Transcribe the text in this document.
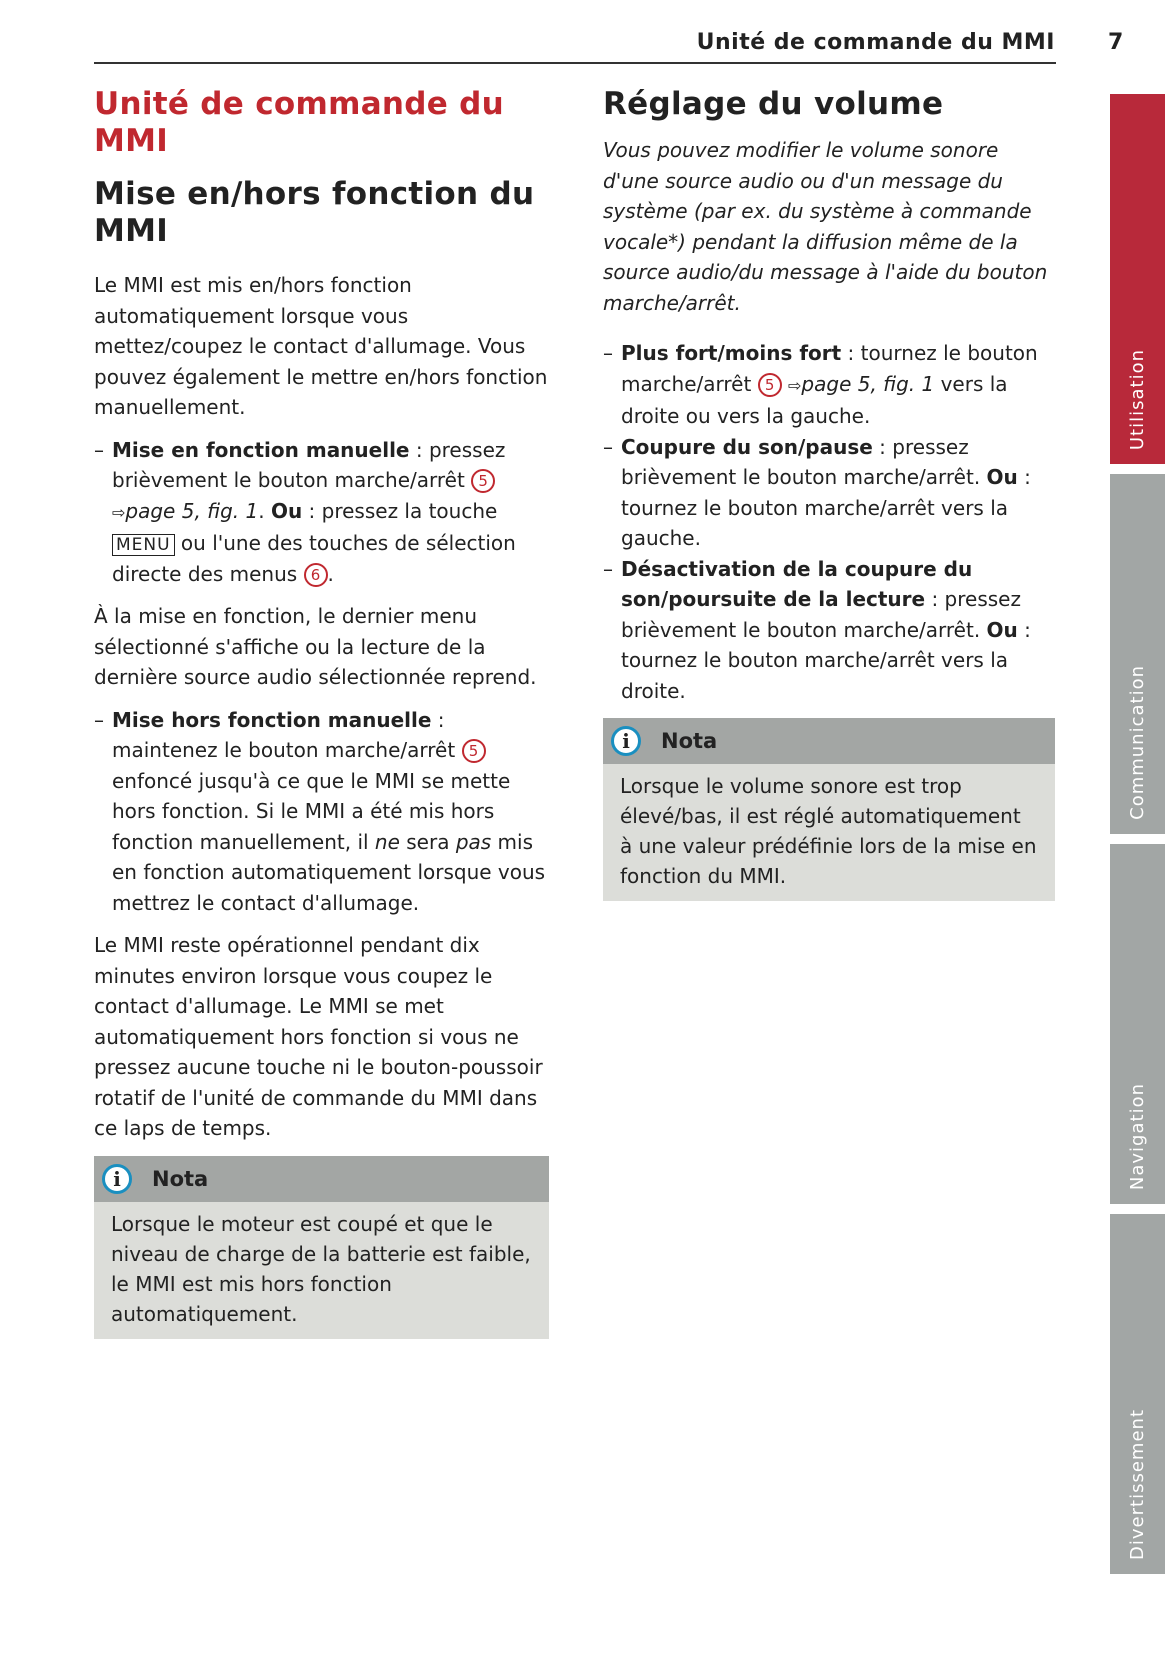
Unité de commande du MMI 7
Unité de commande du MMI
Mise en/hors fonction du MMI

Le MMI est mis en/hors fonction automatiquement lorsque vous mettez/coupez le contact d'allumage. Vous pouvez également le mettre en/hors fonction manuellement.

– Mise en fonction manuelle : pressez brièvement le bouton marche/arrêt 5 ⇨page 5, fig. 1. Ou : pressez la touche MENU ou l'une des touches de sélection directe des menus 6 .

À la mise en fonction, le dernier menu sélectionné s'affiche ou la lecture de la dernière source audio sélectionnée reprend.

– Mise hors fonction manuelle : maintenez le bouton marche/arrêt 5 enfoncé jusqu'à ce que le MMI se mette hors fonction. Si le MMI a été mis hors fonction manuellement, il ne sera pas mis en fonction automatiquement lorsque vous mettrez le contact d'allumage.

Le MMI reste opérationnel pendant dix minutes environ lorsque vous coupez le contact d'allumage. Le MMI se met automatiquement hors fonction si vous ne pressez aucune touche ni le bouton-poussoir rotatif de l'unité de commande du MMI dans ce laps de temps.

i	Nota
Lorsque le moteur est coupé et que le niveau de charge de la batterie est faible, le MMI est mis hors fonction automatiquement.
Réglage du volume

Vous pouvez modifier le volume sonore d'une source audio ou d'un message du système (par ex. du système à commande vocale*) pendant la diffusion même de la source audio/du message à l'aide du bouton marche/arrêt.

– Plus fort/moins fort : tournez le bouton marche/arrêt 5 ⇨page 5, fig. 1 vers la droite ou vers la gauche.
– Coupure du son/pause : pressez brièvement le bouton marche/arrêt. Ou : tournez le bouton marche/arrêt vers la gauche.
– Désactivation de la coupure du son/poursuite de la lecture : pressez brièvement le bouton marche/arrêt. Ou : tournez le bouton marche/arrêt vers la droite.
i	Nota
Lorsque le volume sonore est trop élevé/bas, il est réglé automatiquement à une valeur prédéfinie lors de la mise en fonction du MMI.
Utilisation
Communication
Navigation
Divertissement
